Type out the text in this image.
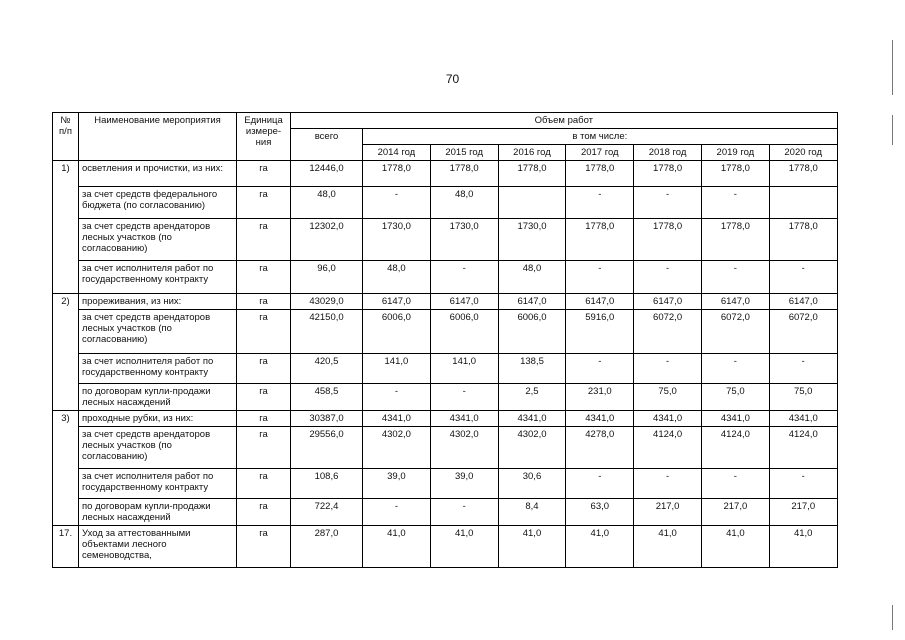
70
№ п/п	Наименование мероприятия	Единица измере-ния	Объем работ							
			всего	в том числе:						
				2014 год	2015 год	2016 год	2017 год	2018 год	2019 год	2020 год
1)	осветления и прочистки, из них:	га	12446,0	1778,0	1778,0	1778,0	1778,0	1778,0	1778,0	1778,0
	за счет средств федерального бюджета (по согласованию)	га	48,0	-	48,0		-	-	-	
	за счет средств арендаторов лесных участков (по согласованию)	га	12302,0	1730,0	1730,0	1730,0	1778,0	1778,0	1778,0	1778,0
	за счет исполнителя работ по государственному контракту	га	96,0	48,0	-	48,0	-	-	-	-
2)	прореживания, из них:	га	43029,0	6147,0	6147,0	6147,0	6147,0	6147,0	6147,0	6147,0
	за счет средств арендаторов лесных участков (по согласованию)	га	42150,0	6006,0	6006,0	6006,0	5916,0	6072,0	6072,0	6072,0
	за счет исполнителя работ по государственному контракту	га	420,5	141,0	141,0	138,5	-	-	-	-
	по договорам купли-продажи лесных насаждений	га	458,5	-	-	2,5	231,0	75,0	75,0	75,0
3)	проходные рубки, из них:	га	30387,0	4341,0	4341,0	4341,0	4341,0	4341,0	4341,0	4341,0
	за счет средств арендаторов лесных участков (по согласованию)	га	29556,0	4302,0	4302,0	4302,0	4278,0	4124,0	4124,0	4124,0
	за счет исполнителя работ по государственному контракту	га	108,6	39,0	39,0	30,6	-	-	-	-
	по договорам купли-продажи лесных насаждений	га	722,4	-	-	8,4	63,0	217,0	217,0	217,0
17.	Уход за аттестованными объектами лесного семеноводства,	га	287,0	41,0	41,0	41,0	41,0	41,0	41,0	41,0
